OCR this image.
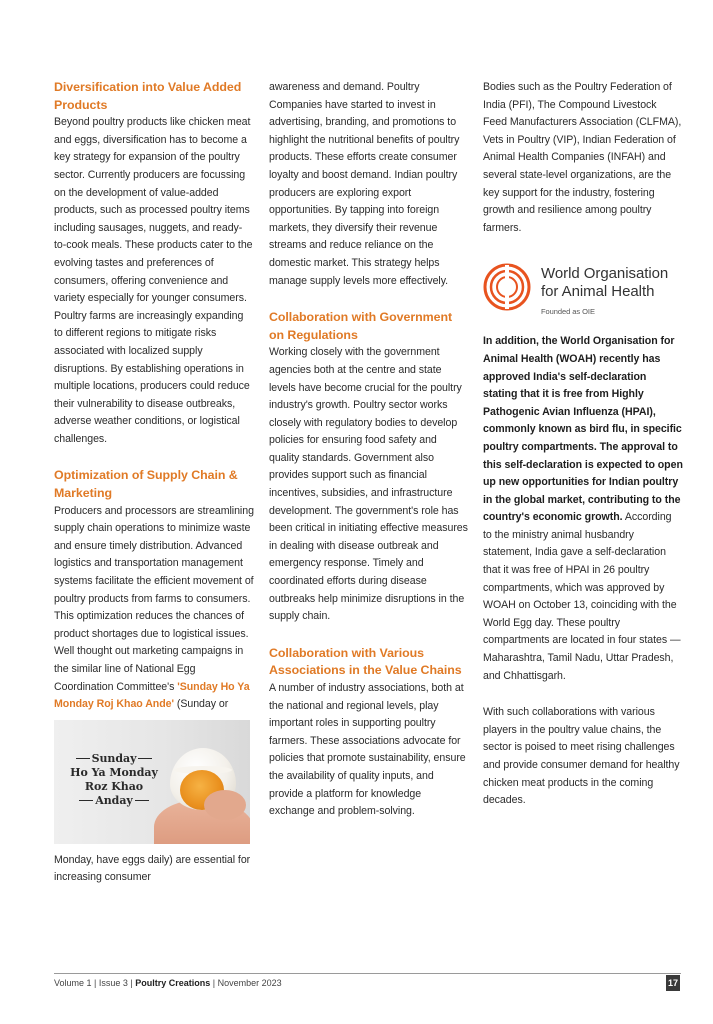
Diversification into Value Added Products

Beyond poultry products like chicken meat and eggs, diversification has to become a key strategy for expansion of the poultry sector. Currently producers are focussing on the development of value-added products, such as processed poultry items including sausages, nuggets, and ready-to-cook meals. These products cater to the evolving tastes and preferences of consumers, offering convenience and variety especially for younger consumers. Poultry farms are increasingly expanding to different regions to mitigate risks associated with localized supply disruptions. By establishing operations in multiple locations, producers could reduce their vulnerability to disease outbreaks, adverse weather conditions, or logistical challenges.

Optimization of Supply Chain & Marketing

Producers and processors are streamlining supply chain operations to minimize waste and ensure timely distribution. Advanced logistics and transportation management systems facilitate the efficient movement of poultry products from farms to consumers. This optimization reduces the chances of product shortages due to logistical issues. Well thought out marketing campaigns in the similar line of National Egg Coordination Committee's 'Sunday Ho Ya Monday Roj Khao Ande' (Sunday or

Sunday
Ho Ya Monday
Roz Khao
Anday

Monday, have eggs daily) are essential for increasing consumer

awareness and demand. Poultry Companies have started to invest in advertising, branding, and promotions to highlight the nutritional benefits of poultry products. These efforts create consumer loyalty and boost demand. Indian poultry producers are exploring export opportunities. By tapping into foreign markets, they diversify their revenue streams and reduce reliance on the domestic market. This strategy helps manage supply levels more effectively.

Collaboration with Government on Regulations

Working closely with the government agencies both at the centre and state levels have become crucial for the poultry industry's growth. Poultry sector works closely with regulatory bodies to develop policies for ensuring food safety and quality standards. Government also provides support such as financial incentives, subsidies, and infrastructure development. The government's role has been critical in initiating effective measures in dealing with disease outbreak and emergency response. Timely and coordinated efforts during disease outbreaks help minimize disruptions in the supply chain.

Collaboration with Various Associations in the Value Chains

A number of industry associations, both at the national and regional levels, play important roles in supporting poultry farmers. These associations advocate for policies that promote sustainability, ensure the availability of quality inputs, and provide a platform for knowledge exchange and problem-solving.

Bodies such as the Poultry Federation of India (PFI), The Compound Livestock Feed Manufacturers Association (CLFMA), Vets in Poultry (VIP), Indian Federation of Animal Health Companies (INFAH) and several state-level organizations, are the key support for the industry, fostering growth and resilience among poultry farmers.

World Organisation for Animal Health
Founded as OIE

In addition, the World Organisation for Animal Health (WOAH) recently has approved India's self-declaration stating that it is free from Highly Pathogenic Avian Influenza (HPAI), commonly known as bird flu, in specific poultry compartments. The approval to this self-declaration is expected to open up new opportunities for Indian poultry in the global market, contributing to the country's economic growth. According to the ministry animal husbandry statement, India gave a self-declaration that it was free of HPAI in 26 poultry compartments, which was approved by WOAH on October 13, coinciding with the World Egg day. These poultry compartments are located in four states — Maharashtra, Tamil Nadu, Uttar Pradesh, and Chhattisgarh.

With such collaborations with various players in the poultry value chains, the sector is poised to meet rising challenges and provide consumer demand for healthy chicken meat products in the coming decades.

Volume 1 | Issue 3 | Poultry Creations | November 2023	17
